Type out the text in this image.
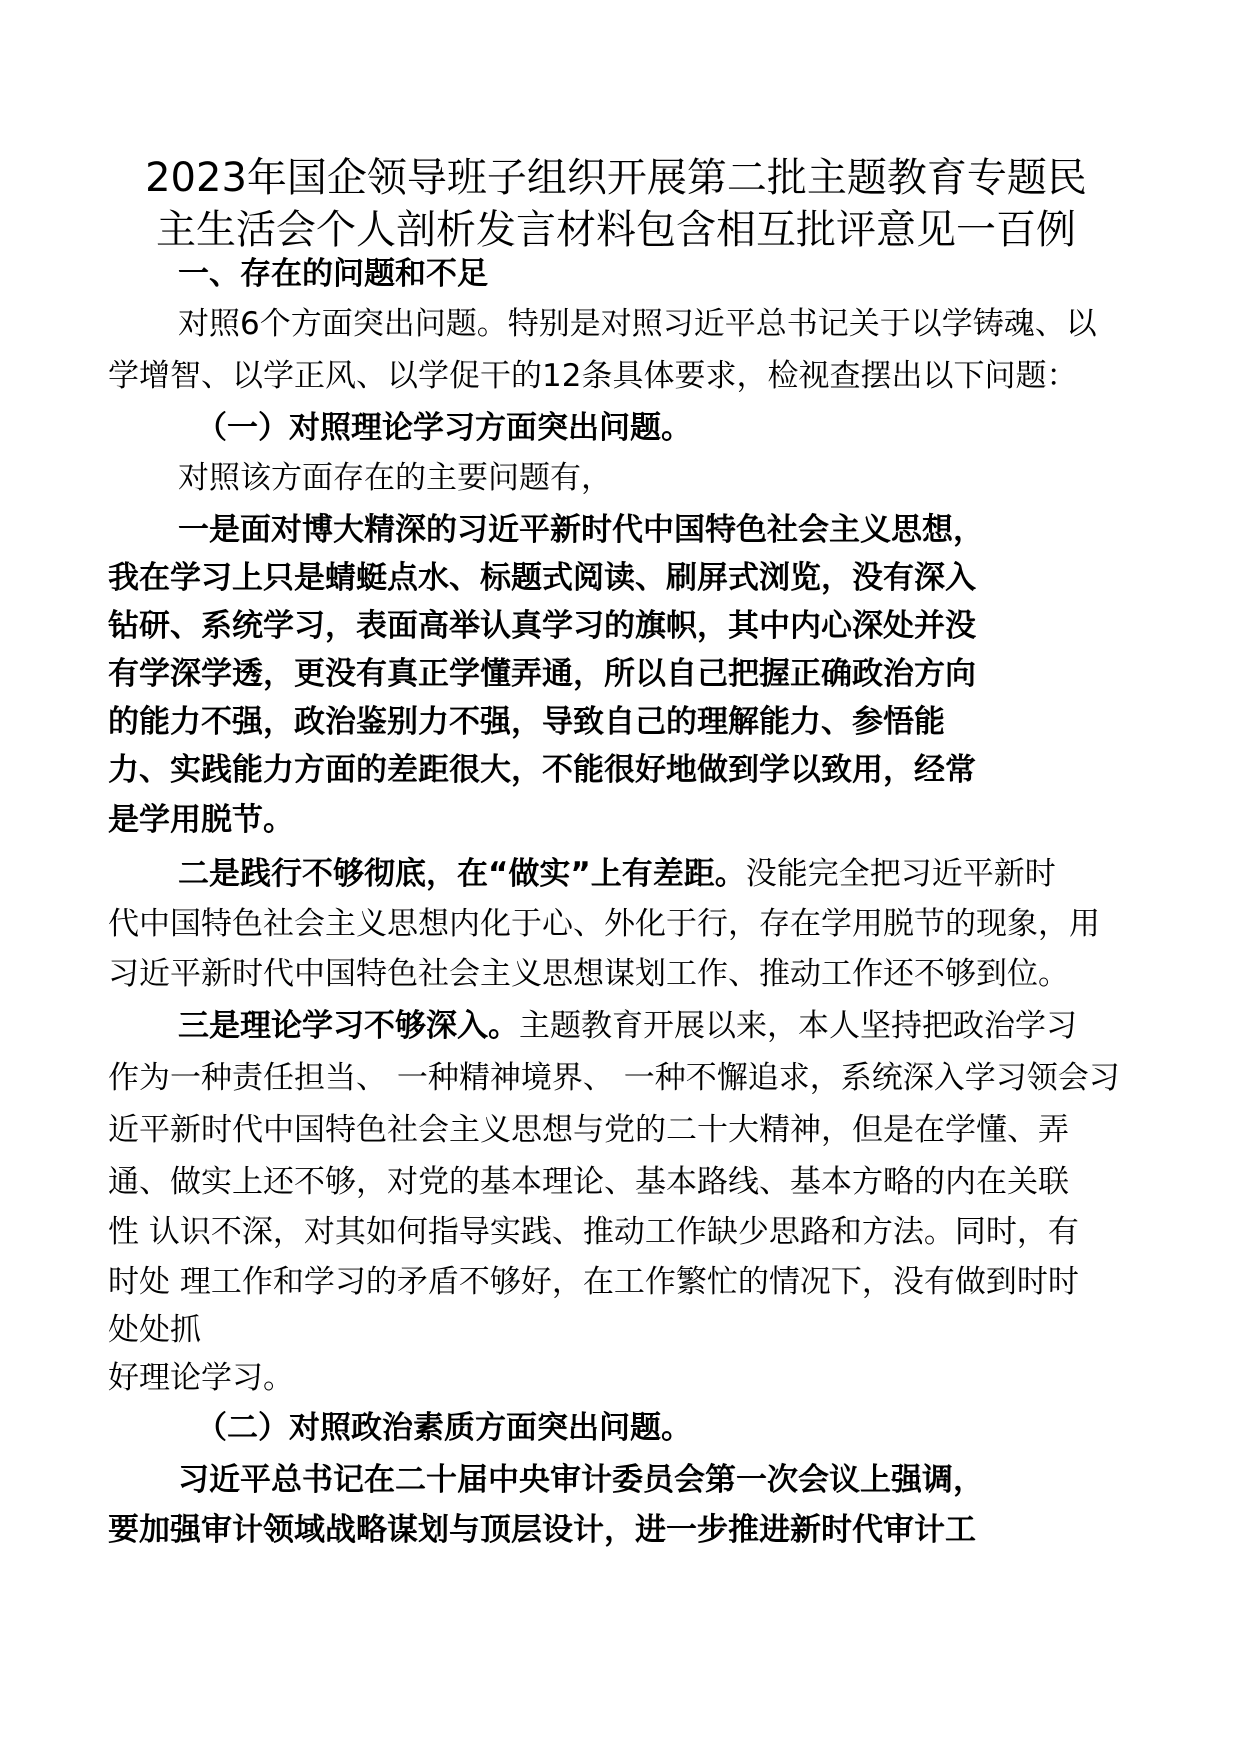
2023年国企领导班子组织开展第二批主题教育专题民
主生活会个人剖析发言材料包含相互批评意见一百例
一、存在的问题和不足
对照6个方面突出问题。特别是对照习近平总书记关于以学铸魂、以
学增智、以学正风、以学促干的12条具体要求，检视查摆出以下问题：
（一）对照理论学习方面突出问题。
对照该方面存在的主要问题有，
一是面对博大精深的习近平新时代中国特色社会主义思想，
我在学习上只是蜻蜓点水、标题式阅读、刷屏式浏览，没有深入
钻研、系统学习，表面高举认真学习的旗帜，其中内心深处并没
有学深学透，更没有真正学懂弄通，所以自己把握正确政治方向
的能力不强，政治鉴别力不强，导致自己的理解能力、参悟能
力、实践能力方面的差距很大，不能很好地做到学以致用，经常
是学用脱节。
二是践行不够彻底，在“做实”上有差距。没能完全把习近平新时
代中国特色社会主义思想内化于心、外化于行，存在学用脱节的现象，用
习近平新时代中国特色社会主义思想谋划工作、推动工作还不够到位。
三是理论学习不够深入。主题教育开展以来，本人坚持把政治学习
作为一种责任担当、 一种精神境界、 一种不懈追求，系统深入学习领会习
近平新时代中国特色社会主义思想与党的二十大精神，但是在学懂、弄
通、做实上还不够，对党的基本理论、基本路线、基本方略的内在关联
性 认识不深，对其如何指导实践、推动工作缺少思路和方法。同时，有
时处 理工作和学习的矛盾不够好，在工作繁忙的情况下，没有做到时时
处处抓
好理论学习。
（二）对照政治素质方面突出问题。
习近平总书记在二十届中央审计委员会第一次会议上强调，
要加强审计领域战略谋划与顶层设计，进一步推进新时代审计工
